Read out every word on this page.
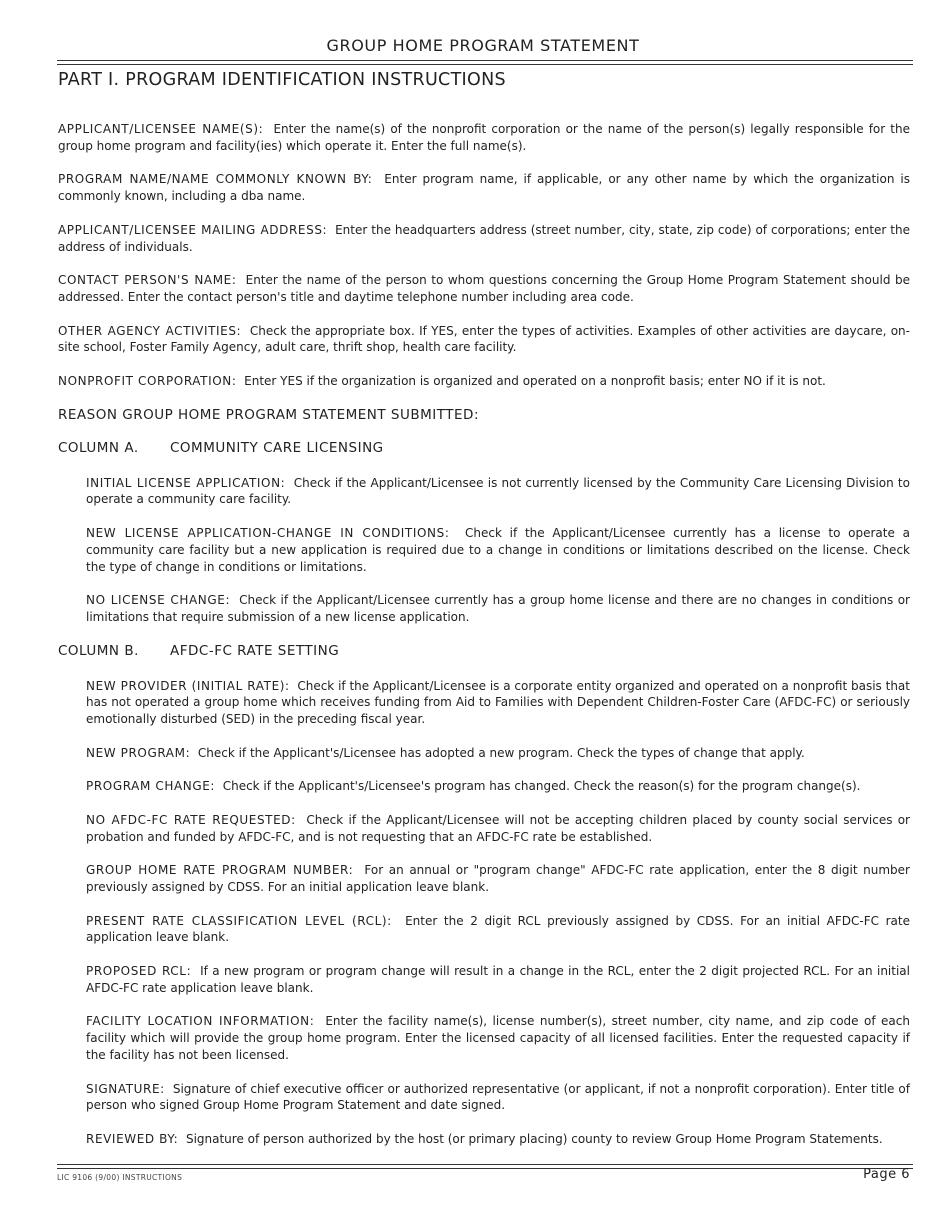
GROUP HOME PROGRAM STATEMENT
PART I. PROGRAM IDENTIFICATION INSTRUCTIONS
APPLICANT/LICENSEE NAME(S): Enter the name(s) of the nonprofit corporation or the name of the person(s) legally responsible for the group home program and facility(ies) which operate it. Enter the full name(s).
PROGRAM NAME/NAME COMMONLY KNOWN BY: Enter program name, if applicable, or any other name by which the organization is commonly known, including a dba name.
APPLICANT/LICENSEE MAILING ADDRESS: Enter the headquarters address (street number, city, state, zip code) of corporations; enter the address of individuals.
CONTACT PERSON'S NAME: Enter the name of the person to whom questions concerning the Group Home Program Statement should be addressed. Enter the contact person's title and daytime telephone number including area code.
OTHER AGENCY ACTIVITIES: Check the appropriate box. If YES, enter the types of activities. Examples of other activities are daycare, on-site school, Foster Family Agency, adult care, thrift shop, health care facility.
NONPROFIT CORPORATION: Enter YES if the organization is organized and operated on a nonprofit basis; enter NO if it is not.
REASON GROUP HOME PROGRAM STATEMENT SUBMITTED:
COLUMN A. COMMUNITY CARE LICENSING
INITIAL LICENSE APPLICATION: Check if the Applicant/Licensee is not currently licensed by the Community Care Licensing Division to operate a community care facility.
NEW LICENSE APPLICATION-CHANGE IN CONDITIONS: Check if the Applicant/Licensee currently has a license to operate a community care facility but a new application is required due to a change in conditions or limitations described on the license. Check the type of change in conditions or limitations.
NO LICENSE CHANGE: Check if the Applicant/Licensee currently has a group home license and there are no changes in conditions or limitations that require submission of a new license application.
COLUMN B. AFDC-FC RATE SETTING
NEW PROVIDER (INITIAL RATE): Check if the Applicant/Licensee is a corporate entity organized and operated on a nonprofit basis that has not operated a group home which receives funding from Aid to Families with Dependent Children-Foster Care (AFDC-FC) or seriously emotionally disturbed (SED) in the preceding fiscal year.
NEW PROGRAM: Check if the Applicant's/Licensee has adopted a new program. Check the types of change that apply.
PROGRAM CHANGE: Check if the Applicant's/Licensee's program has changed. Check the reason(s) for the program change(s).
NO AFDC-FC RATE REQUESTED: Check if the Applicant/Licensee will not be accepting children placed by county social services or probation and funded by AFDC-FC, and is not requesting that an AFDC-FC rate be established.
GROUP HOME RATE PROGRAM NUMBER: For an annual or "program change" AFDC-FC rate application, enter the 8 digit number previously assigned by CDSS. For an initial application leave blank.
PRESENT RATE CLASSIFICATION LEVEL (RCL): Enter the 2 digit RCL previously assigned by CDSS. For an initial AFDC-FC rate application leave blank.
PROPOSED RCL: If a new program or program change will result in a change in the RCL, enter the 2 digit projected RCL. For an initial AFDC-FC rate application leave blank.
FACILITY LOCATION INFORMATION: Enter the facility name(s), license number(s), street number, city name, and zip code of each facility which will provide the group home program. Enter the licensed capacity of all licensed facilities. Enter the requested capacity if the facility has not been licensed.
SIGNATURE: Signature of chief executive officer or authorized representative (or applicant, if not a nonprofit corporation). Enter title of person who signed Group Home Program Statement and date signed.
REVIEWED BY: Signature of person authorized by the host (or primary placing) county to review Group Home Program Statements.
LIC 9106 (9/00) INSTRUCTIONS	Page 6
